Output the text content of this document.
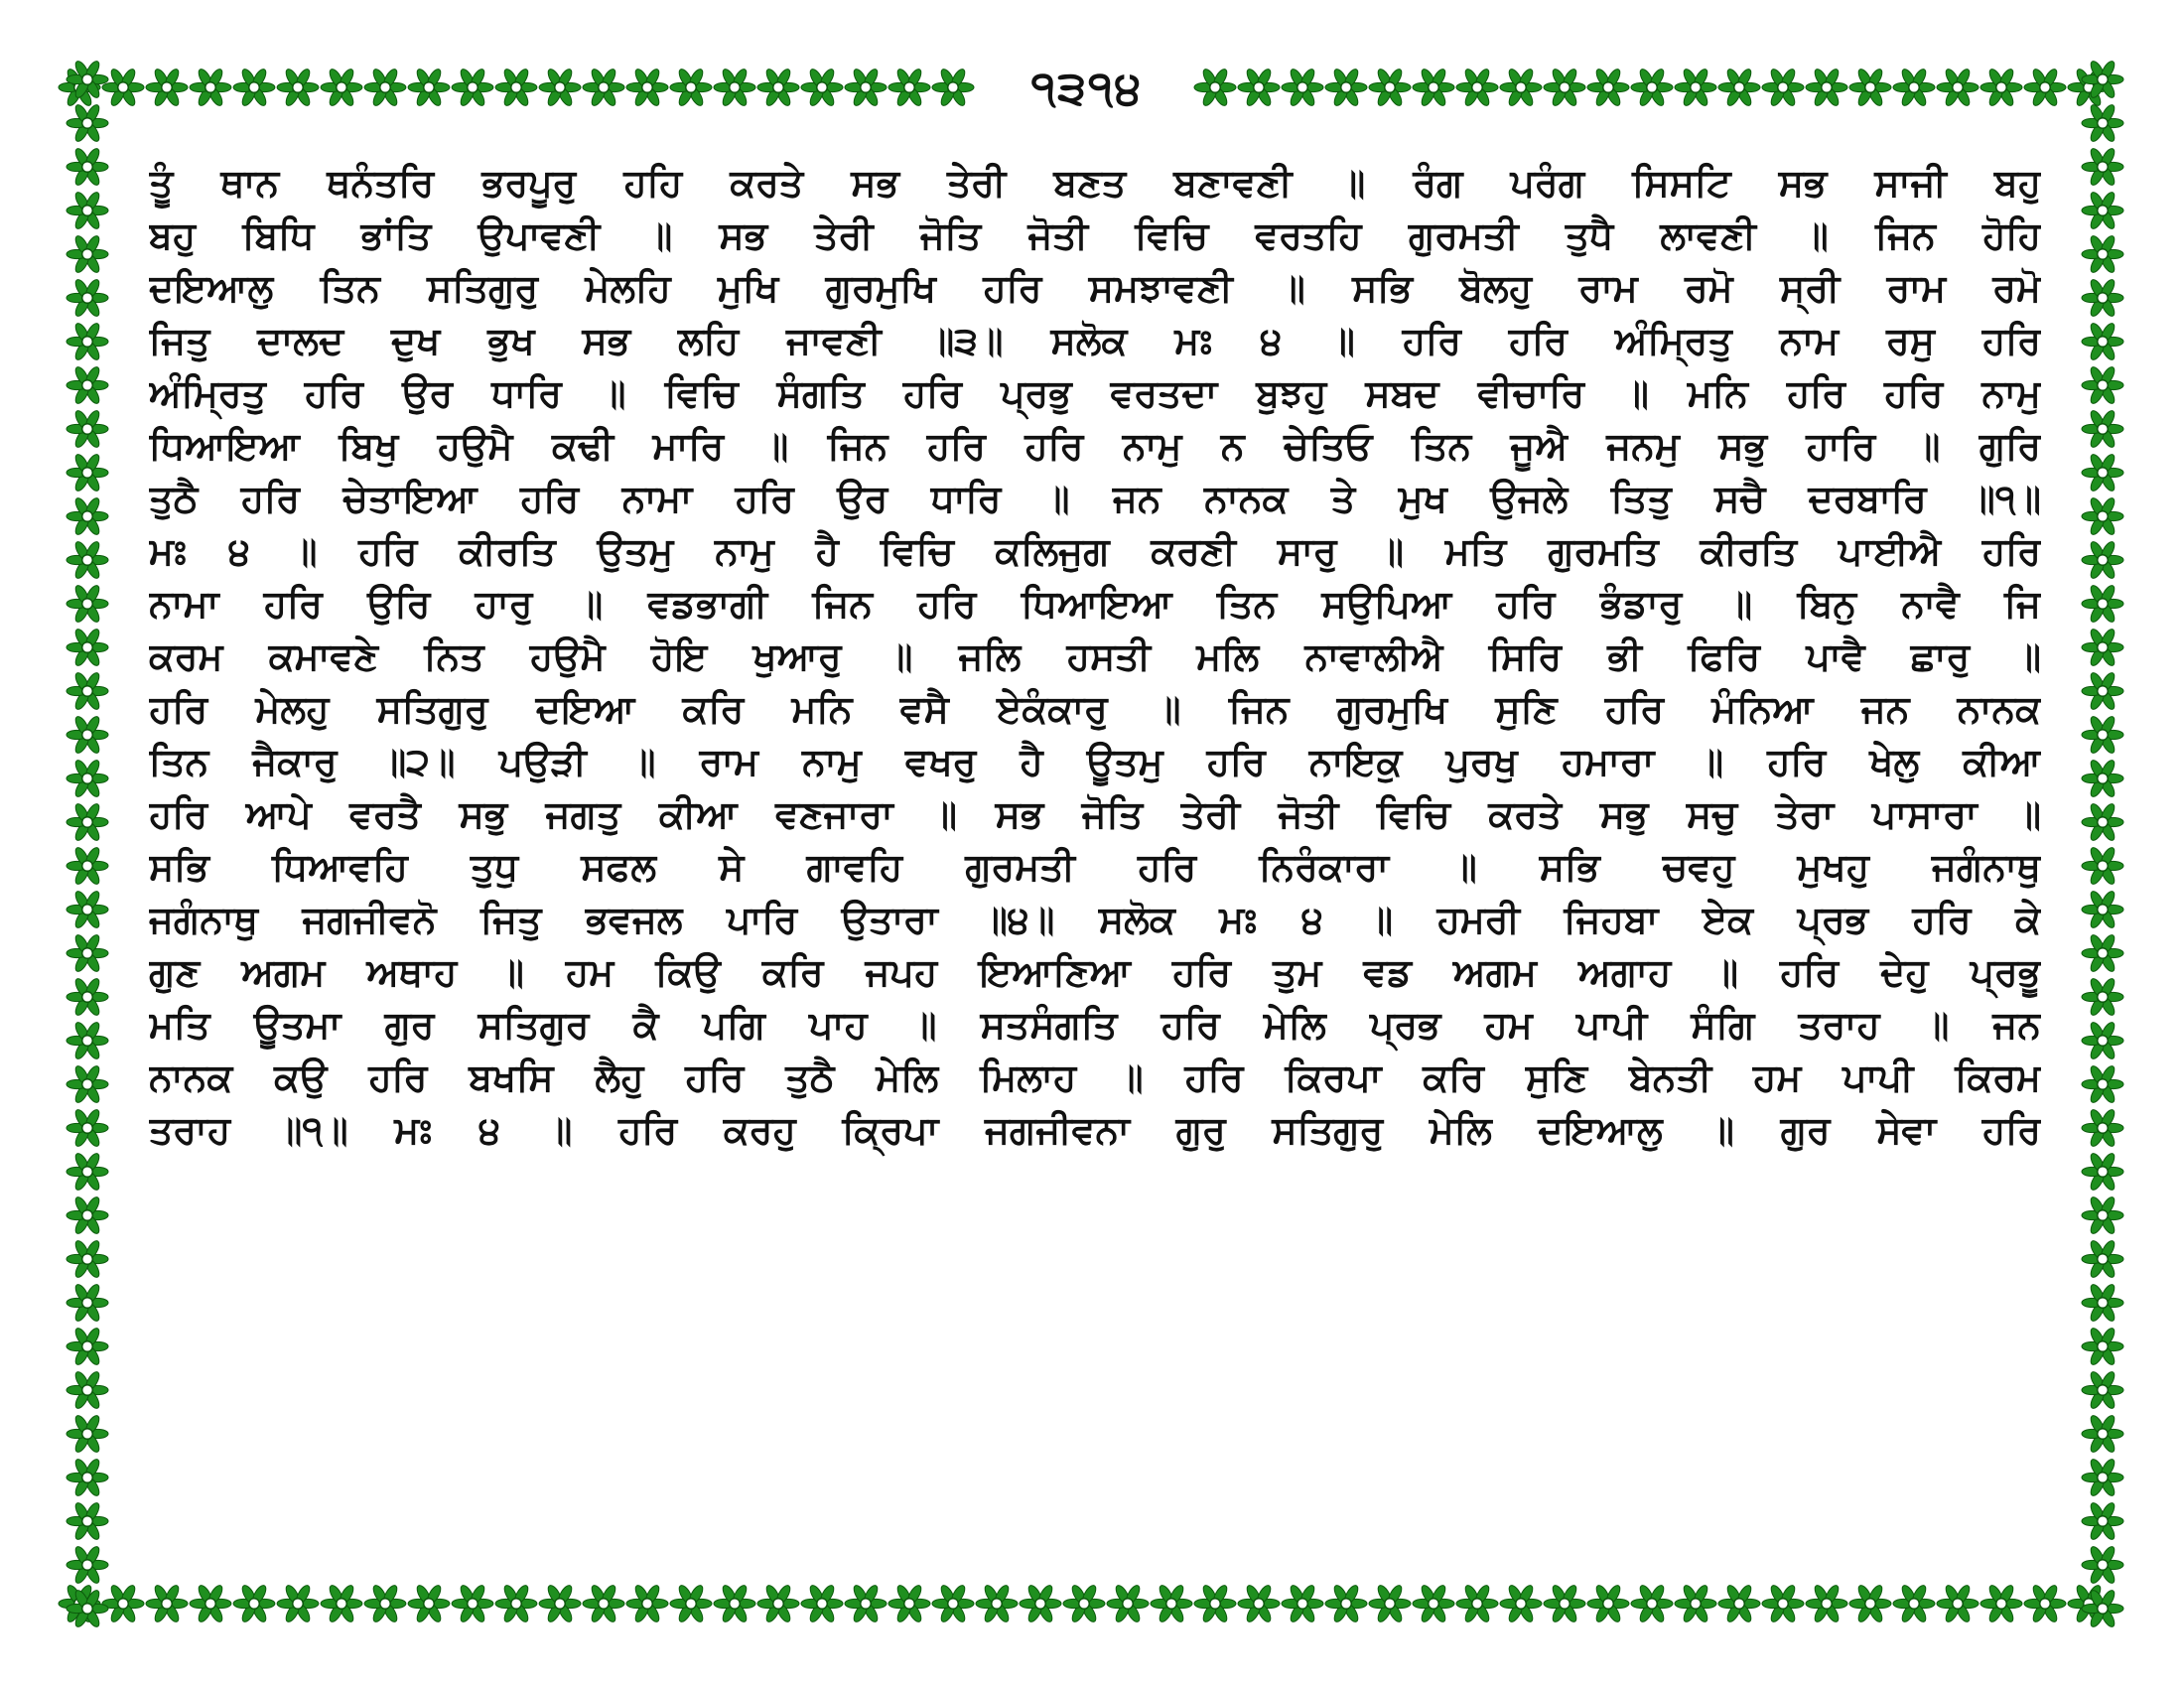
੧੩੧੪
ਤੂੰ ਥਾਨ ਥਨੰਤਰਿ ਭਰਪੂਰੁ ਹਹਿ ਕਰਤੇ ਸਭ ਤੇਰੀ ਬਣਤ ਬਣਾਵਣੀ ॥ ਰੰਗ ਪਰੰਗ ਸਿਸਟਿ ਸਭ ਸਾਜੀ ਬਹੁ
ਬਹੁ ਬਿਧਿ ਭਾਂਤਿ ਉਪਾਵਣੀ ॥ ਸਭ ਤੇਰੀ ਜੋਤਿ ਜੋਤੀ ਵਿਚਿ ਵਰਤਹਿ ਗੁਰਮਤੀ ਤੁਧੈ ਲਾਵਣੀ ॥ ਜਿਨ ਹੋਹਿ
ਦਇਆਲੁ ਤਿਨ ਸਤਿਗੁਰੁ ਮੇਲਹਿ ਮੁਖਿ ਗੁਰਮੁਖਿ ਹਰਿ ਸਮਝਾਵਣੀ ॥ ਸਭਿ ਬੋਲਹੁ ਰਾਮ ਰਮੋ ਸ੍ਰੀ ਰਾਮ ਰਮੋ
ਜਿਤੁ ਦਾਲਦ ਦੁਖ ਭੁਖ ਸਭ ਲਹਿ ਜਾਵਣੀ ॥੩॥ ਸਲੋਕ ਮਃ ੪ ॥ ਹਰਿ ਹਰਿ ਅੰਮ੍ਰਿਤੁ ਨਾਮ ਰਸੁ ਹਰਿ
ਅੰਮ੍ਰਿਤੁ ਹਰਿ ਉਰ ਧਾਰਿ ॥ ਵਿਚਿ ਸੰਗਤਿ ਹਰਿ ਪ੍ਰਭੁ ਵਰਤਦਾ ਬੁਝਹੁ ਸਬਦ ਵੀਚਾਰਿ ॥ ਮਨਿ ਹਰਿ ਹਰਿ ਨਾਮੁ
ਧਿਆਇਆ ਬਿਖੁ ਹਉਮੈ ਕਢੀ ਮਾਰਿ ॥ ਜਿਨ ਹਰਿ ਹਰਿ ਨਾਮੁ ਨ ਚੇਤਿਓ ਤਿਨ ਜੂਐ ਜਨਮੁ ਸਭੁ ਹਾਰਿ ॥ ਗੁਰਿ
ਤੁਠੈ ਹਰਿ ਚੇਤਾਇਆ ਹਰਿ ਨਾਮਾ ਹਰਿ ਉਰ ਧਾਰਿ ॥ ਜਨ ਨਾਨਕ ਤੇ ਮੁਖ ਉਜਲੇ ਤਿਤੁ ਸਚੈ ਦਰਬਾਰਿ ॥੧॥
ਮਃ ੪ ॥ ਹਰਿ ਕੀਰਤਿ ਉਤਮੁ ਨਾਮੁ ਹੈ ਵਿਚਿ ਕਲਿਜੁਗ ਕਰਣੀ ਸਾਰੁ ॥ ਮਤਿ ਗੁਰਮਤਿ ਕੀਰਤਿ ਪਾਈਐ ਹਰਿ
ਨਾਮਾ ਹਰਿ ਉਰਿ ਹਾਰੁ ॥ ਵਡਭਾਗੀ ਜਿਨ ਹਰਿ ਧਿਆਇਆ ਤਿਨ ਸਉਪਿਆ ਹਰਿ ਭੰਡਾਰੁ ॥ ਬਿਨੁ ਨਾਵੈ ਜਿ
ਕਰਮ ਕਮਾਵਣੇ ਨਿਤ ਹਉਮੈ ਹੋਇ ਖੁਆਰੁ ॥ ਜਲਿ ਹਸਤੀ ਮਲਿ ਨਾਵਾਲੀਐ ਸਿਰਿ ਭੀ ਫਿਰਿ ਪਾਵੈ ਛਾਰੁ ॥
ਹਰਿ ਮੇਲਹੁ ਸਤਿਗੁਰੁ ਦਇਆ ਕਰਿ ਮਨਿ ਵਸੈ ਏਕੰਕਾਰੁ ॥ ਜਿਨ ਗੁਰਮੁਖਿ ਸੁਣਿ ਹਰਿ ਮੰਨਿਆ ਜਨ ਨਾਨਕ
ਤਿਨ ਜੈਕਾਰੁ ॥੨॥ ਪਉੜੀ ॥ ਰਾਮ ਨਾਮੁ ਵਖਰੁ ਹੈ ਊਤਮੁ ਹਰਿ ਨਾਇਕੁ ਪੁਰਖੁ ਹਮਾਰਾ ॥ ਹਰਿ ਖੇਲੁ ਕੀਆ
ਹਰਿ ਆਪੇ ਵਰਤੈ ਸਭੁ ਜਗਤੁ ਕੀਆ ਵਣਜਾਰਾ ॥ ਸਭ ਜੋਤਿ ਤੇਰੀ ਜੋਤੀ ਵਿਚਿ ਕਰਤੇ ਸਭੁ ਸਚੁ ਤੇਰਾ ਪਾਸਾਰਾ ॥
ਸਭਿ ਧਿਆਵਹਿ ਤੁਧੁ ਸਫਲ ਸੇ ਗਾਵਹਿ ਗੁਰਮਤੀ ਹਰਿ ਨਿਰੰਕਾਰਾ ॥ ਸਭਿ ਚਵਹੁ ਮੁਖਹੁ ਜਗੰਨਾਥੁ
ਜਗੰਨਾਥੁ ਜਗਜੀਵਨੋ ਜਿਤੁ ਭਵਜਲ ਪਾਰਿ ਉਤਾਰਾ ॥੪॥ ਸਲੋਕ ਮਃ ੪ ॥ ਹਮਰੀ ਜਿਹਬਾ ਏਕ ਪ੍ਰਭ ਹਰਿ ਕੇ
ਗੁਣ ਅਗਮ ਅਥਾਹ ॥ ਹਮ ਕਿਉ ਕਰਿ ਜਪਹ ਇਆਣਿਆ ਹਰਿ ਤੁਮ ਵਡ ਅਗਮ ਅਗਾਹ ॥ ਹਰਿ ਦੇਹੁ ਪ੍ਰਭੂ
ਮਤਿ ਊਤਮਾ ਗੁਰ ਸਤਿਗੁਰ ਕੈ ਪਗਿ ਪਾਹ ॥ ਸਤਸੰਗਤਿ ਹਰਿ ਮੇਲਿ ਪ੍ਰਭ ਹਮ ਪਾਪੀ ਸੰਗਿ ਤਰਾਹ ॥ ਜਨ
ਨਾਨਕ ਕਉ ਹਰਿ ਬਖਸਿ ਲੈਹੁ ਹਰਿ ਤੁਠੈ ਮੇਲਿ ਮਿਲਾਹ ॥ ਹਰਿ ਕਿਰਪਾ ਕਰਿ ਸੁਣਿ ਬੇਨਤੀ ਹਮ ਪਾਪੀ ਕਿਰਮ
ਤਰਾਹ ॥੧॥ ਮਃ ੪ ॥ ਹਰਿ ਕਰਹੁ ਕ੍ਰਿਪਾ ਜਗਜੀਵਨਾ ਗੁਰੁ ਸਤਿਗੁਰੁ ਮੇਲਿ ਦਇਆਲੁ ॥ ਗੁਰ ਸੇਵਾ ਹਰਿ
